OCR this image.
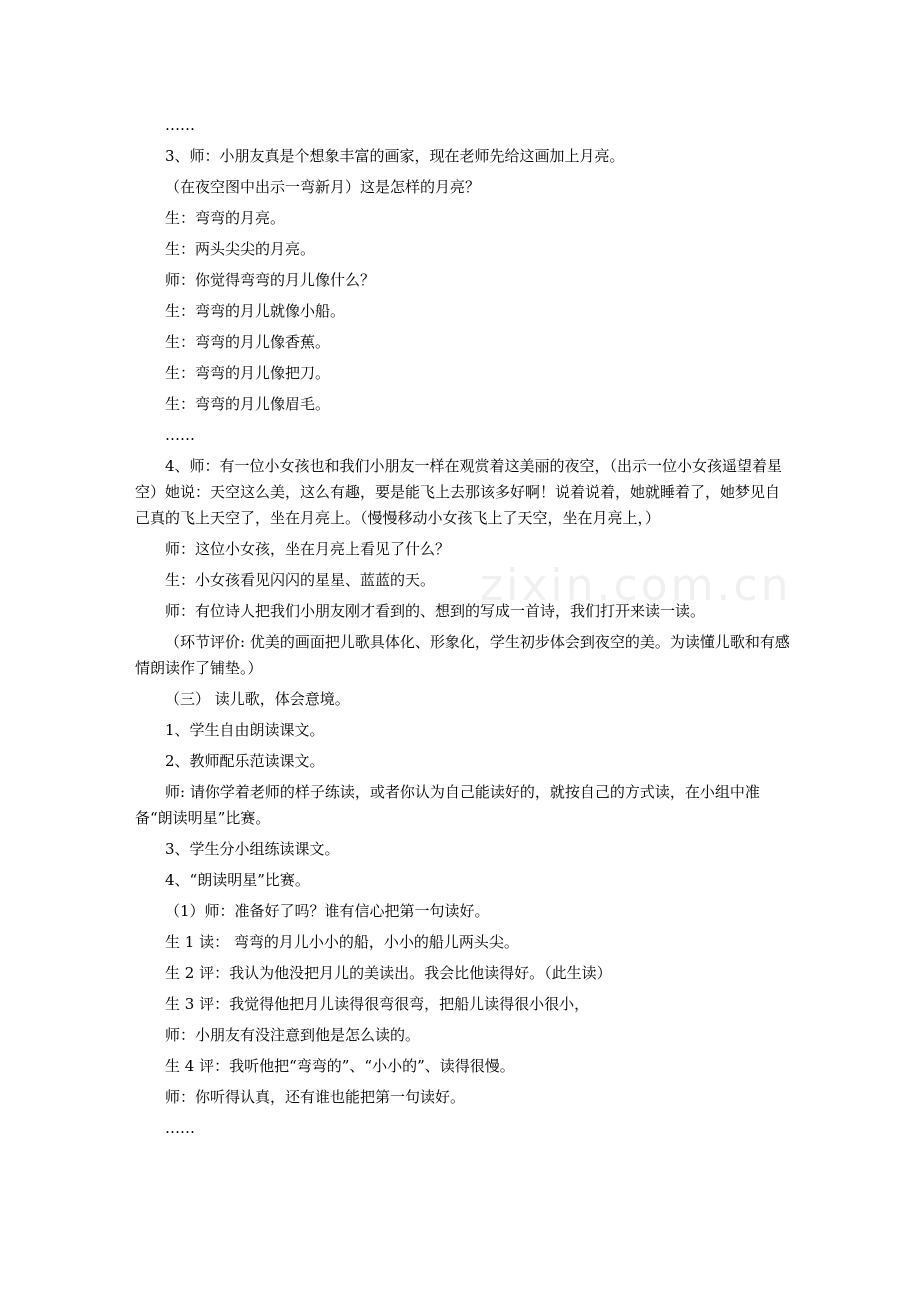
……

3、师：小朋友真是个想象丰富的画家，现在老师先给这画加上月亮。

（在夜空图中出示一弯新月）这是怎样的月亮？

生：弯弯的月亮。

生：两头尖尖的月亮。

师：你觉得弯弯的月儿像什么？

生：弯弯的月儿就像小船。

生：弯弯的月儿像香蕉。

生：弯弯的月儿像把刀。

生：弯弯的月儿像眉毛。

……

4、师：有一位小女孩也和我们小朋友一样在观赏着这美丽的夜空，（出示一位小女孩遥望着星空）她说：天空这么美，这么有趣，要是能飞上去那该多好啊！说着说着，她就睡着了，她梦见自己真的飞上天空了，坐在月亮上。（慢慢移动小女孩飞上了天空，坐在月亮上，）

师：这位小女孩，坐在月亮上看见了什么？

生：小女孩看见闪闪的星星、蓝蓝的天。

师：有位诗人把我们小朋友刚才看到的、想到的写成一首诗，我们打开来读一读。

（环节评价: 优美的画面把儿歌具体化、形象化，学生初步体会到夜空的美。为读懂儿歌和有感情朗读作了铺垫。）

（三） 读儿歌，体会意境。

1、学生自由朗读课文。

2、教师配乐范读课文。

师: 请你学着老师的样子练读，或者你认为自己能读好的，就按自己的方式读，在小组中准备“朗读明星”比赛。

3、学生分小组练读课文。

4、“朗读明星”比赛。

（1）师：准备好了吗？谁有信心把第一句读好。

生 1 读： 弯弯的月儿小小的船，小小的船儿两头尖。

生 2 评：我认为他没把月儿的美读出。我会比他读得好。（此生读）

生 3 评：我觉得他把月儿读得很弯很弯，把船儿读得很小很小，

师：小朋友有没注意到他是怎么读的。

生 4 评：我听他把“弯弯的”、“小小的”、读得很慢。

师：你听得认真，还有谁也能把第一句读好。

……

zixin.com.cn
